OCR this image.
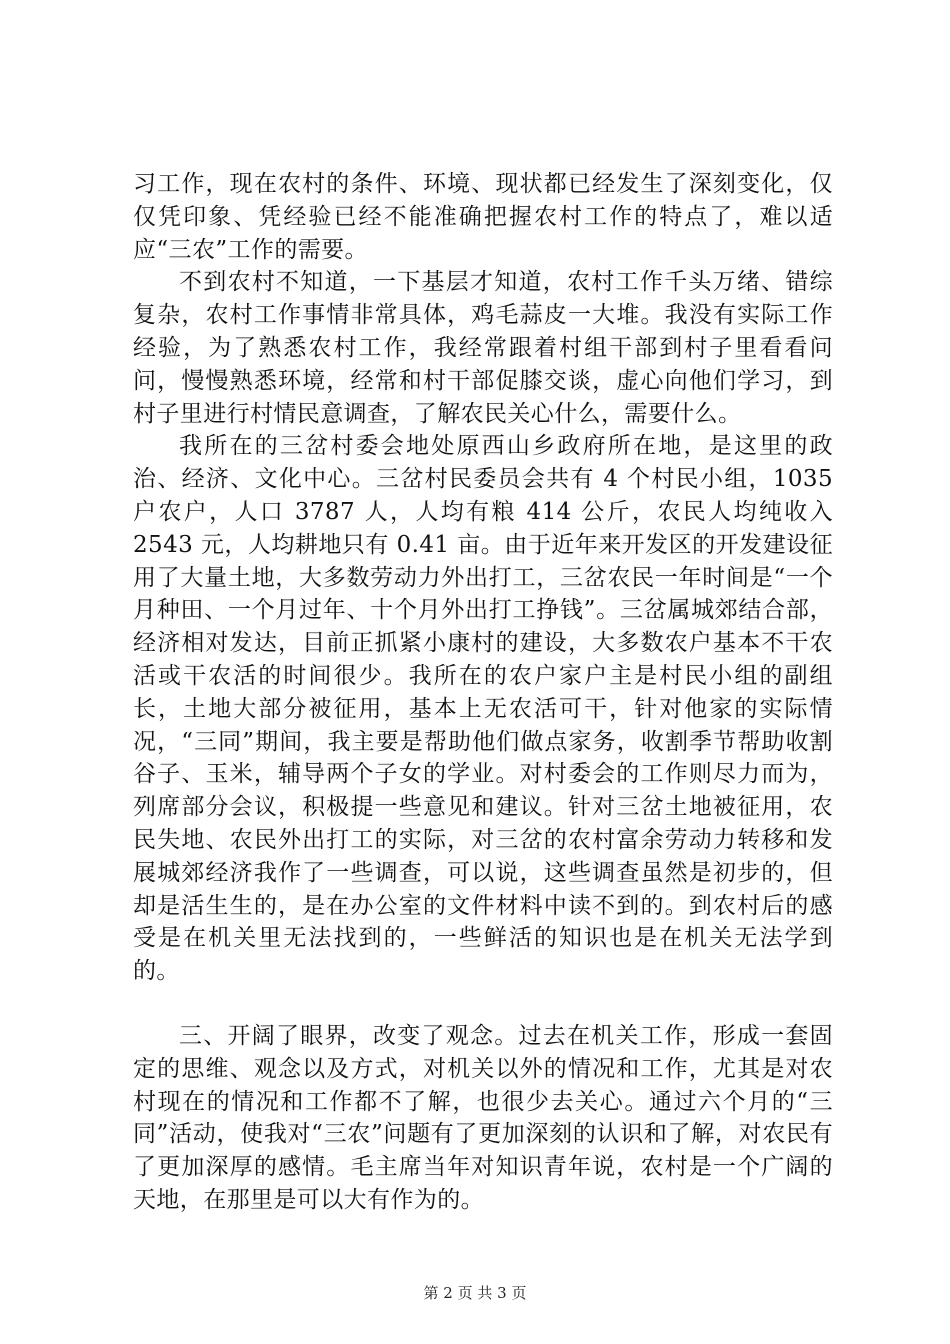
习工作，现在农村的条件、环境、现状都已经发生了深刻变化，仅仅凭印象、凭经验已经不能准确把握农村工作的特点了，难以适应“三农”工作的需要。

不到农村不知道，一下基层才知道，农村工作千头万绪、错综复杂，农村工作事情非常具体，鸡毛蒜皮一大堆。我没有实际工作经验，为了熟悉农村工作，我经常跟着村组干部到村子里看看问问，慢慢熟悉环境，经常和村干部促膝交谈，虚心向他们学习，到村子里进行村情民意调查，了解农民关心什么，需要什么。

我所在的三岔村委会地处原西山乡政府所在地，是这里的政治、经济、文化中心。三岔村民委员会共有 4 个村民小组，1035 户农户，人口 3787 人，人均有粮 414 公斤，农民人均纯收入 2543 元，人均耕地只有 0.41 亩。由于近年来开发区的开发建设征用了大量土地，大多数劳动力外出打工，三岔农民一年时间是“一个月种田、一个月过年、十个月外出打工挣钱”。三岔属城郊结合部，经济相对发达，目前正抓紧小康村的建设，大多数农户基本不干农活或干农活的时间很少。我所在的农户家户主是村民小组的副组长，土地大部分被征用，基本上无农活可干，针对他家的实际情况，“三同”期间，我主要是帮助他们做点家务，收割季节帮助收割谷子、玉米，辅导两个子女的学业。对村委会的工作则尽力而为，列席部分会议，积极提一些意见和建议。针对三岔土地被征用，农民失地、农民外出打工的实际，对三岔的农村富余劳动力转移和发展城郊经济我作了一些调查，可以说，这些调查虽然是初步的，但却是活生生的，是在办公室的文件材料中读不到的。到农村后的感受是在机关里无法找到的，一些鲜活的知识也是在机关无法学到的。

三、开阔了眼界，改变了观念。过去在机关工作，形成一套固定的思维、观念以及方式，对机关以外的情况和工作，尤其是对农村现在的情况和工作都不了解，也很少去关心。通过六个月的“三同”活动，使我对“三农”问题有了更加深刻的认识和了解，对农民有了更加深厚的感情。毛主席当年对知识青年说，农村是一个广阔的天地，在那里是可以大有作为的。

第 2 页 共 3 页
